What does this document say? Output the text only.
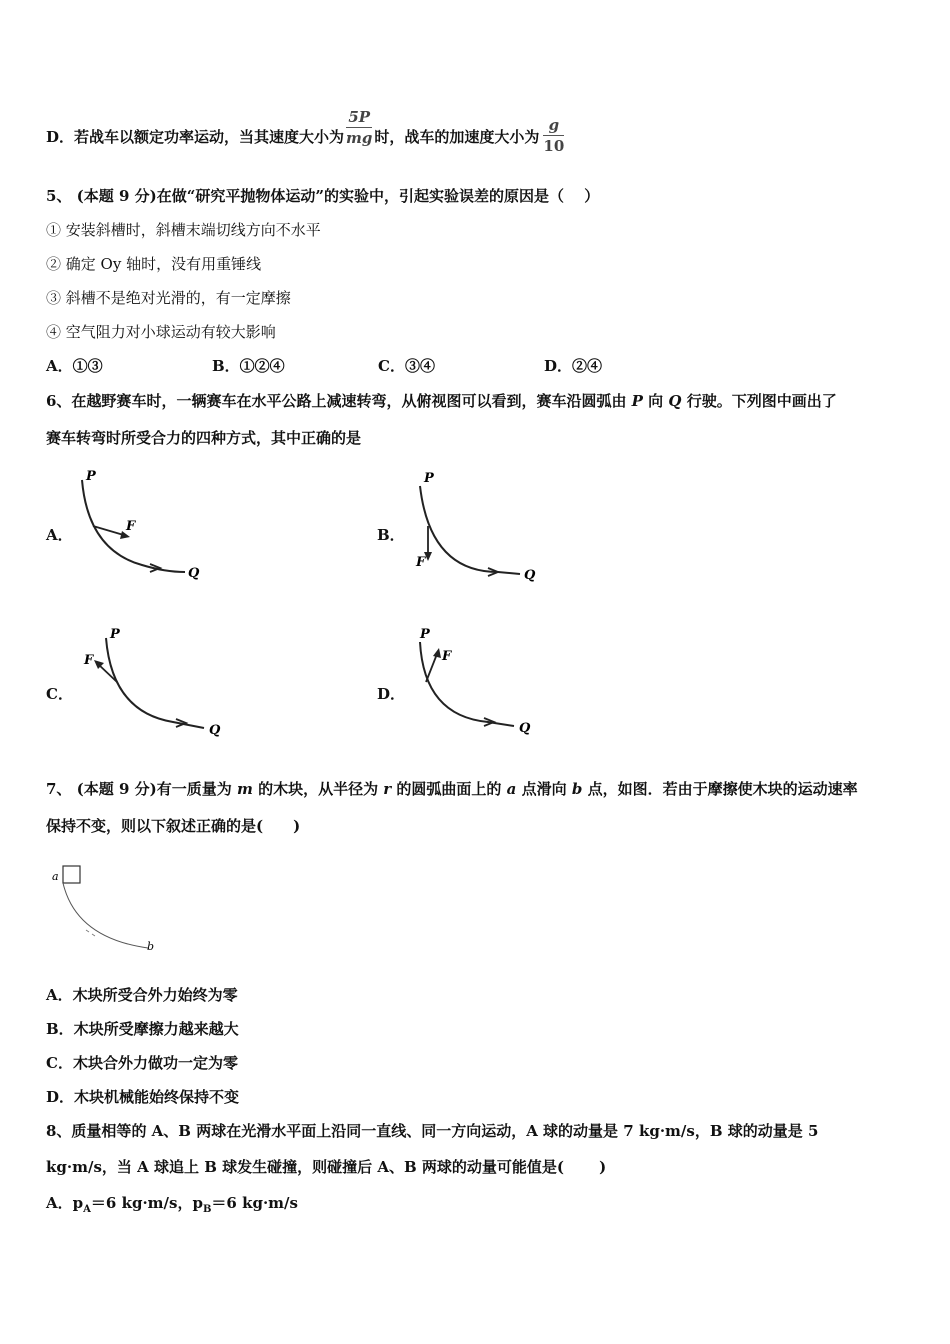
D．若战车以额定功率运动，当其速度大小为 $\frac{5P}{mg}$ 时，战车的加速度大小为 $\frac{g}{10}$
5、 (本题 9 分)在做“研究平抛物体运动”的实验中，引起实验误差的原因是（　 ）
① 安装斜槽时，斜槽末端切线方向不水平
② 确定 Oy 轴时，没有用重锤线
③ 斜槽不是绝对光滑的，有一定摩擦
④ 空气阻力对小球运动有较大影响
A．①③	B．①②④	C．③④	D．②④
6、在越野赛车时，一辆赛车在水平公路上减速转弯，从俯视图可以看到，赛车沿圆弧由 P 向 Q 行驶。下列图中画出了
赛车转弯时所受合力的四种方式，其中正确的是
A．
P
F
Q
B．
P
F
Q
C．
P
F
Q
D．
P
F
Q
7、 (本题 9 分)有一质量为 m 的木块，从半径为 r 的圆弧曲面上的 a 点滑向 b 点，如图．若由于摩擦使木块的运动速率
保持不变，则以下叙述正确的是(　　)
a
b
A．木块所受合外力始终为零
B．木块所受摩擦力越来越大
C．木块合外力做功一定为零
D．木块机械能始终保持不变
8、质量相等的 A、B 两球在光滑水平面上沿同一直线、同一方向运动，A 球的动量是 7 kg·m/s，B 球的动量是 5
kg·m/s，当 A 球追上 B 球发生碰撞，则碰撞后 A、B 两球的动量可能值是(　　 )
A．$p_A=6$ kg·m/s，$p_B=6$ kg·m/s
